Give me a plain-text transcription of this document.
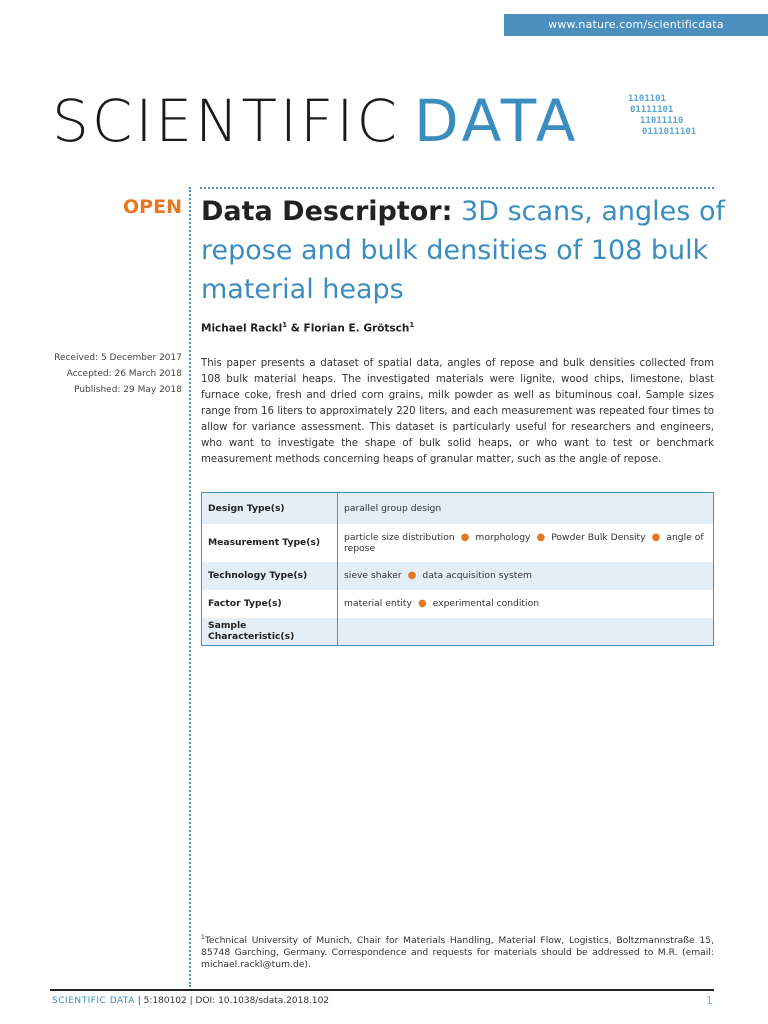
www.nature.com/scientificdata
SCIENTIFIC DATA	1101101
01111101
11011110
0111011101
OPEN Data Descriptor: 3D scans, angles of repose and bulk densities of 108 bulk material heaps
Michael Rackl$^1$ & Florian E. Grötsch$^1$
Received: 5 December 2017
Accepted: 26 March 2018
Published: 29 May 2018
This paper presents a dataset of spatial data, angles of repose and bulk densities collected from 108 bulk material heaps. The investigated materials were lignite, wood chips, limestone, blast furnace coke, fresh and dried corn grains, milk powder as well as bituminous coal. Sample sizes range from 16 liters to approximately 220 liters, and each measurement was repeated four times to allow for variance assessment. This dataset is particularly useful for researchers and engineers, who want to investigate the shape of bulk solid heaps, or who want to test or benchmark measurement methods concerning heaps of granular matter, such as the angle of repose.
Design Type(s)	parallel group design
Measurement Type(s)	particle size distribution ● morphology ● Powder Bulk Density ● angle of repose
Technology Type(s)	sieve shaker ● data acquisition system
Factor Type(s)	material entity ● experimental condition
Sample Characteristic(s)	
$^1$Technical University of Munich, Chair for Materials Handling, Material Flow, Logistics, Boltzmannstraße 15, 85748 Garching, Germany. Correspondence and requests for materials should be addressed to M.R. (email: michael.rackl@tum.de).
SCIENTIFIC DATA | 5:180102 | DOI: 10.1038/sdata.2018.102	1
